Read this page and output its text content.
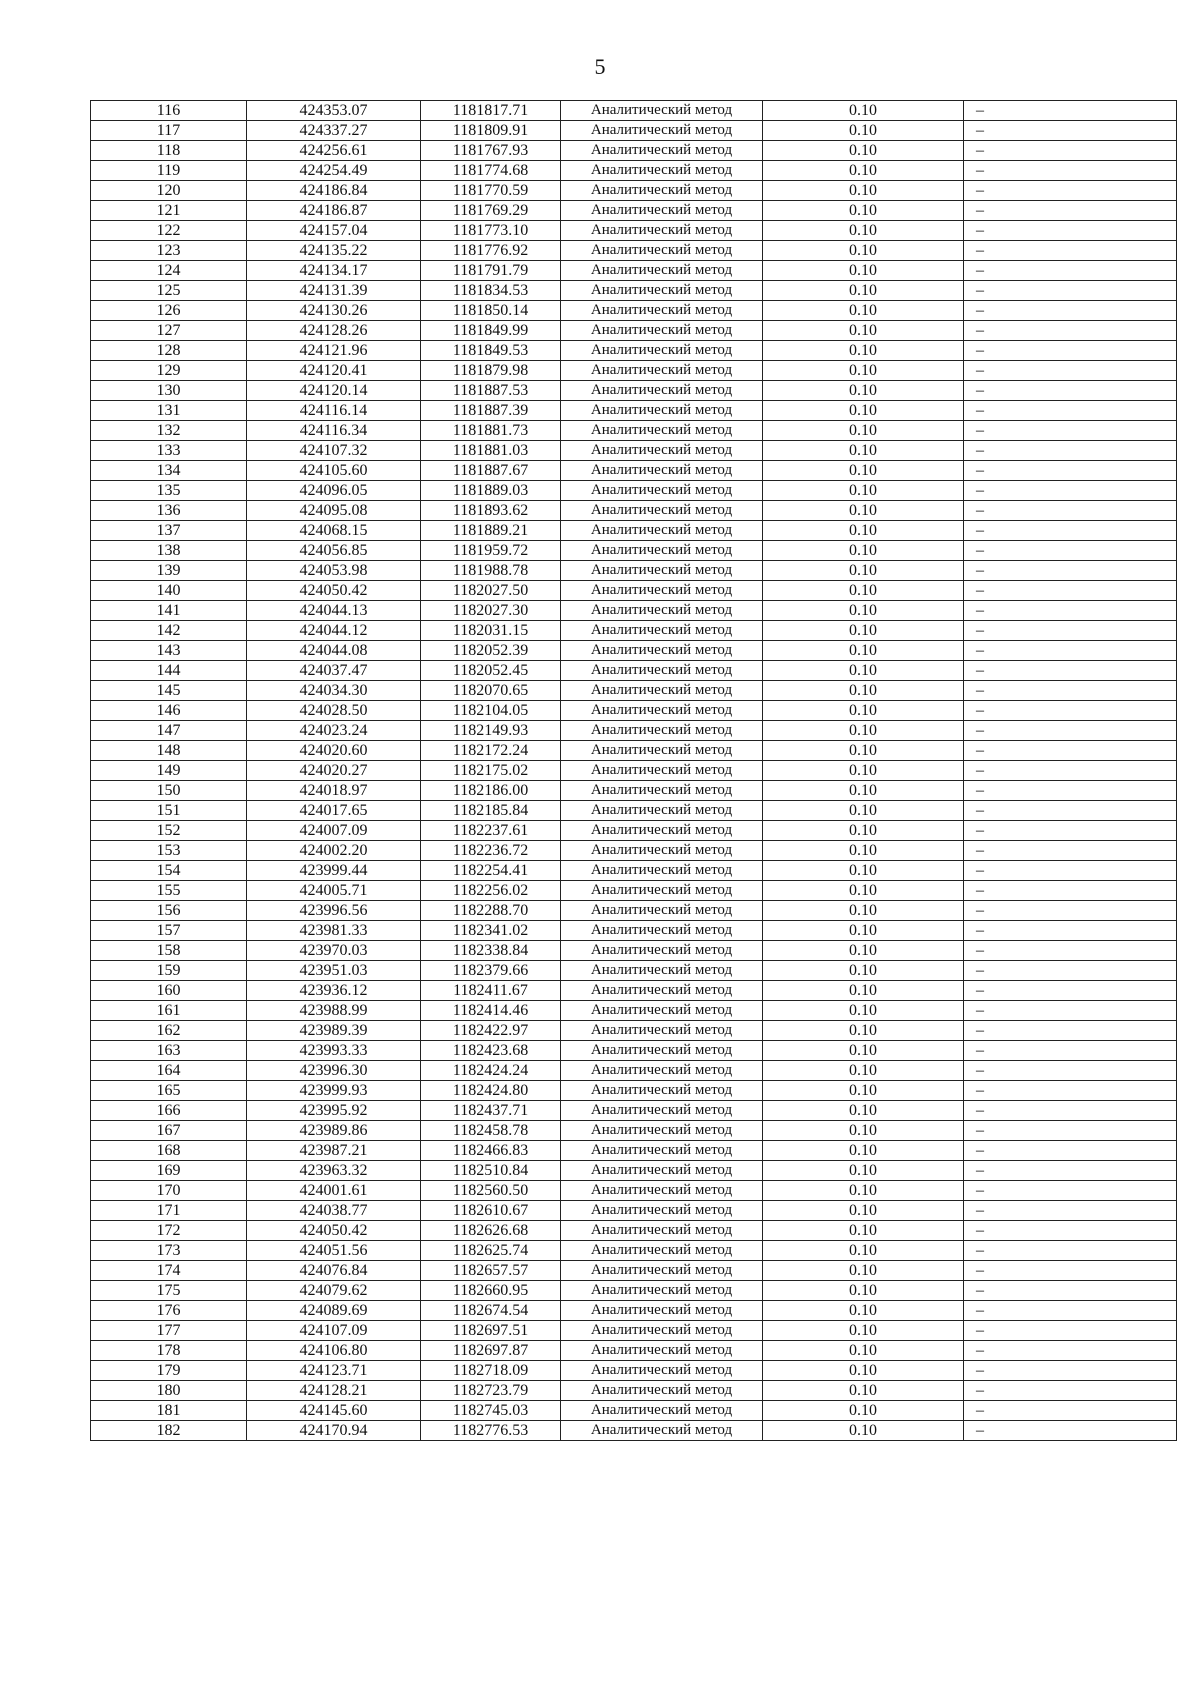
5
116	424353.07	1181817.71	Аналитический метод	0.10	–
117	424337.27	1181809.91	Аналитический метод	0.10	–
118	424256.61	1181767.93	Аналитический метод	0.10	–
119	424254.49	1181774.68	Аналитический метод	0.10	–
120	424186.84	1181770.59	Аналитический метод	0.10	–
121	424186.87	1181769.29	Аналитический метод	0.10	–
122	424157.04	1181773.10	Аналитический метод	0.10	–
123	424135.22	1181776.92	Аналитический метод	0.10	–
124	424134.17	1181791.79	Аналитический метод	0.10	–
125	424131.39	1181834.53	Аналитический метод	0.10	–
126	424130.26	1181850.14	Аналитический метод	0.10	–
127	424128.26	1181849.99	Аналитический метод	0.10	–
128	424121.96	1181849.53	Аналитический метод	0.10	–
129	424120.41	1181879.98	Аналитический метод	0.10	–
130	424120.14	1181887.53	Аналитический метод	0.10	–
131	424116.14	1181887.39	Аналитический метод	0.10	–
132	424116.34	1181881.73	Аналитический метод	0.10	–
133	424107.32	1181881.03	Аналитический метод	0.10	–
134	424105.60	1181887.67	Аналитический метод	0.10	–
135	424096.05	1181889.03	Аналитический метод	0.10	–
136	424095.08	1181893.62	Аналитический метод	0.10	–
137	424068.15	1181889.21	Аналитический метод	0.10	–
138	424056.85	1181959.72	Аналитический метод	0.10	–
139	424053.98	1181988.78	Аналитический метод	0.10	–
140	424050.42	1182027.50	Аналитический метод	0.10	–
141	424044.13	1182027.30	Аналитический метод	0.10	–
142	424044.12	1182031.15	Аналитический метод	0.10	–
143	424044.08	1182052.39	Аналитический метод	0.10	–
144	424037.47	1182052.45	Аналитический метод	0.10	–
145	424034.30	1182070.65	Аналитический метод	0.10	–
146	424028.50	1182104.05	Аналитический метод	0.10	–
147	424023.24	1182149.93	Аналитический метод	0.10	–
148	424020.60	1182172.24	Аналитический метод	0.10	–
149	424020.27	1182175.02	Аналитический метод	0.10	–
150	424018.97	1182186.00	Аналитический метод	0.10	–
151	424017.65	1182185.84	Аналитический метод	0.10	–
152	424007.09	1182237.61	Аналитический метод	0.10	–
153	424002.20	1182236.72	Аналитический метод	0.10	–
154	423999.44	1182254.41	Аналитический метод	0.10	–
155	424005.71	1182256.02	Аналитический метод	0.10	–
156	423996.56	1182288.70	Аналитический метод	0.10	–
157	423981.33	1182341.02	Аналитический метод	0.10	–
158	423970.03	1182338.84	Аналитический метод	0.10	–
159	423951.03	1182379.66	Аналитический метод	0.10	–
160	423936.12	1182411.67	Аналитический метод	0.10	–
161	423988.99	1182414.46	Аналитический метод	0.10	–
162	423989.39	1182422.97	Аналитический метод	0.10	–
163	423993.33	1182423.68	Аналитический метод	0.10	–
164	423996.30	1182424.24	Аналитический метод	0.10	–
165	423999.93	1182424.80	Аналитический метод	0.10	–
166	423995.92	1182437.71	Аналитический метод	0.10	–
167	423989.86	1182458.78	Аналитический метод	0.10	–
168	423987.21	1182466.83	Аналитический метод	0.10	–
169	423963.32	1182510.84	Аналитический метод	0.10	–
170	424001.61	1182560.50	Аналитический метод	0.10	–
171	424038.77	1182610.67	Аналитический метод	0.10	–
172	424050.42	1182626.68	Аналитический метод	0.10	–
173	424051.56	1182625.74	Аналитический метод	0.10	–
174	424076.84	1182657.57	Аналитический метод	0.10	–
175	424079.62	1182660.95	Аналитический метод	0.10	–
176	424089.69	1182674.54	Аналитический метод	0.10	–
177	424107.09	1182697.51	Аналитический метод	0.10	–
178	424106.80	1182697.87	Аналитический метод	0.10	–
179	424123.71	1182718.09	Аналитический метод	0.10	–
180	424128.21	1182723.79	Аналитический метод	0.10	–
181	424145.60	1182745.03	Аналитический метод	0.10	–
182	424170.94	1182776.53	Аналитический метод	0.10	–
